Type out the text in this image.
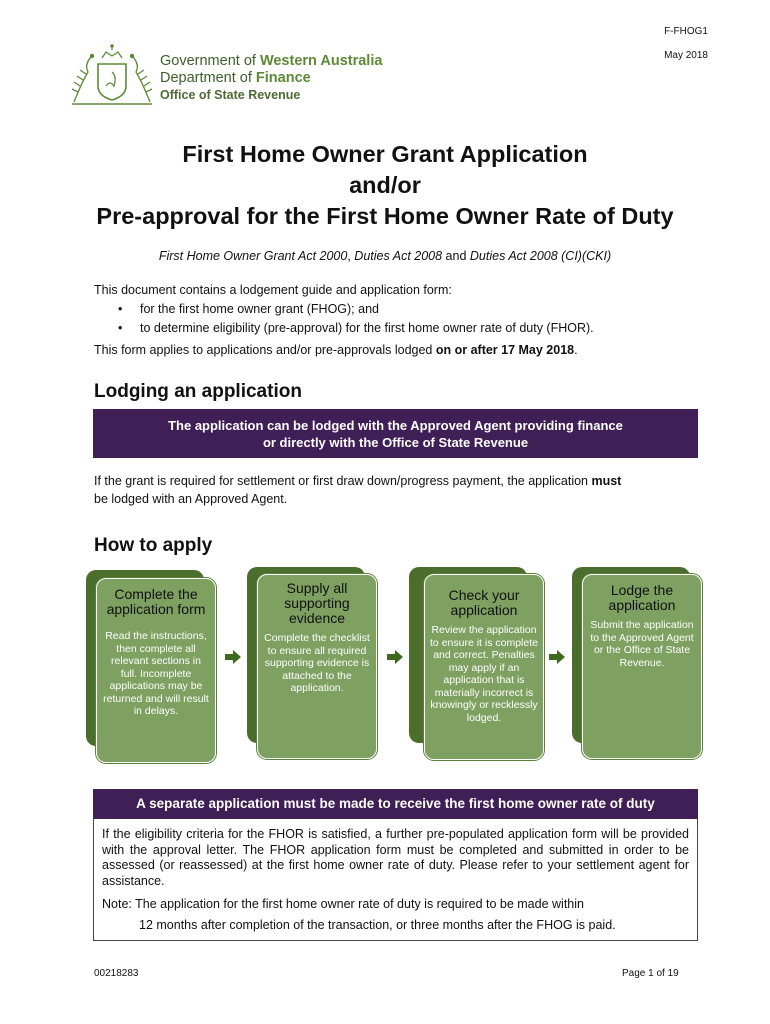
F-FHOG1
May 2018
Government of Western Australia
Department of Finance
Office of State Revenue
First Home Owner Grant Application
and/or
Pre-approval for the First Home Owner Rate of Duty
First Home Owner Grant Act 2000, Duties Act 2008 and Duties Act 2008 (CI)(CKI)
This document contains a lodgement guide and application form:
• for the first home owner grant (FHOG); and
• to determine eligibility (pre-approval) for the first home owner rate of duty (FHOR).
This form applies to applications and/or pre-approvals lodged on or after 17 May 2018.
Lodging an application
The application can be lodged with the Approved Agent providing finance
or directly with the Office of State Revenue
If the grant is required for settlement or first draw down/progress payment, the application must
be lodged with an Approved Agent.
How to apply
Complete the application form
Read the instructions, then complete all relevant sections in full. Incomplete applications may be returned and will result in delays.
Supply all supporting evidence
Complete the checklist to ensure all required supporting evidence is attached to the application.
Check your application
Review the application to ensure it is complete and correct. Penalties may apply if an application that is materially incorrect is knowingly or recklessly lodged.
Lodge the application
Submit the application to the Approved Agent or the Office of State Revenue.
A separate application must be made to receive the first home owner rate of duty

If the eligibility criteria for the FHOR is satisfied, a further pre-populated application form will be provided with the approval letter. The FHOR application form must be completed and submitted in order to be assessed (or reassessed) at the first home owner rate of duty. Please refer to your settlement agent for assistance.

Note: The application for the first home owner rate of duty is required to be made within

12 months after completion of the transaction, or three months after the FHOG is paid.

00218283	Page 1 of 19
